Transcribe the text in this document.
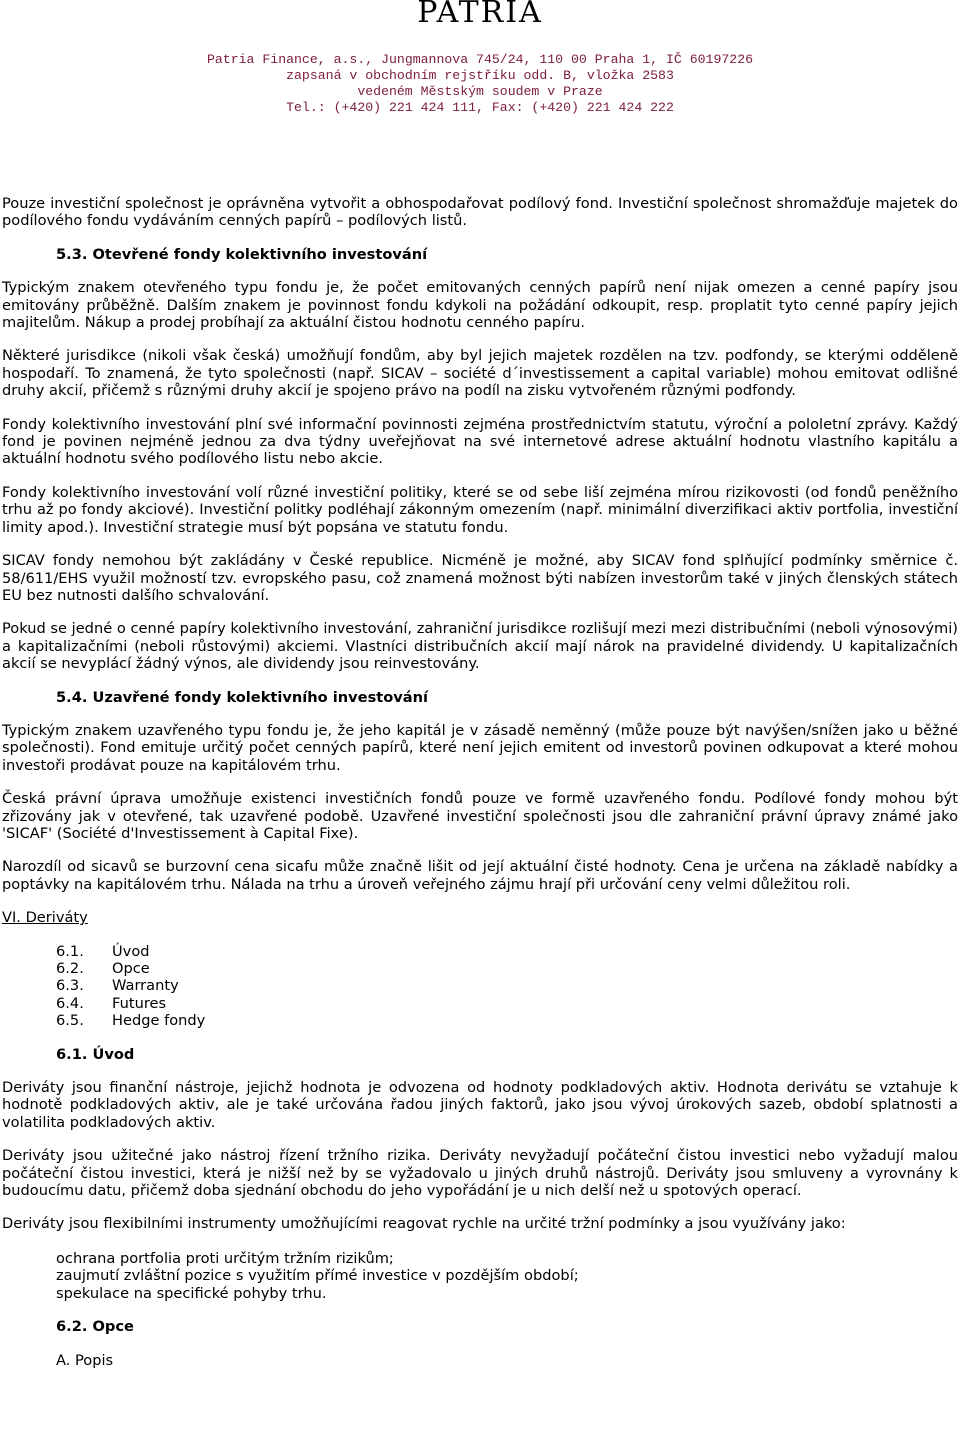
PATRIA
Patria Finance, a.s., Jungmannova 745/24, 110 00 Praha 1, IČ 60197226
zapsaná v obchodním rejstříku odd. B, vložka 2583
vedeném Městským soudem v Praze
Tel.: (+420) 221 424 111, Fax: (+420) 221 424 222

Pouze investiční společnost je oprávněna vytvořit a obhospodařovat podílový fond. Investiční společnost shromažďuje majetek do podílového fondu vydáváním cenných papírů – podílových listů.

5.3. Otevřené fondy kolektivního investování

Typickým znakem otevřeného typu fondu je, že počet emitovaných cenných papírů není nijak omezen a cenné papíry jsou emitovány průběžně. Dalším znakem je povinnost fondu kdykoli na požádání odkoupit, resp. proplatit tyto cenné papíry jejich majitelům. Nákup a prodej probíhají za aktuální čistou hodnotu cenného papíru.

Některé jurisdikce (nikoli však česká) umožňují fondům, aby byl jejich majetek rozdělen na tzv. podfondy, se kterými odděleně hospodaří. To znamená, že tyto společnosti (např. SICAV – société d´investissement a capital variable) mohou emitovat odlišné druhy akcií, přičemž s různými druhy akcií je spojeno právo na podíl na zisku vytvořeném různými podfondy.

Fondy kolektivního investování plní své informační povinnosti zejména prostřednictvím statutu, výroční a pololetní zprávy. Každý fond je povinen nejméně jednou za dva týdny uveřejňovat na své internetové adrese aktuální hodnotu vlastního kapitálu a aktuální hodnotu svého podílového listu nebo akcie.

Fondy kolektivního investování volí různé investiční politiky, které se od sebe liší zejména mírou rizikovosti (od fondů peněžního trhu až po fondy akciové). Investiční politky podléhají zákonným omezením (např. minimální diverzifikaci aktiv portfolia, investiční limity apod.). Investiční strategie musí být popsána ve statutu fondu.

SICAV fondy nemohou být zakládány v České republice. Nicméně je možné, aby SICAV fond splňující podmínky směrnice č. 58/611/EHS využil možností tzv. evropského pasu, což znamená možnost býti nabízen investorům také v jiných členských státech EU bez nutnosti dalšího schvalování.

Pokud se jedné o cenné papíry kolektivního investování, zahraniční jurisdikce rozlišují mezi mezi distribučními (neboli výnosovými) a kapitalizačními (neboli růstovými) akciemi. Vlastníci distribučních akcií mají nárok na pravidelné dividendy. U kapitalizačních akcií se nevyplácí žádný výnos, ale dividendy jsou reinvestovány.

5.4. Uzavřené fondy kolektivního investování

Typickým znakem uzavřeného typu fondu je, že jeho kapitál je v zásadě neměnný (může pouze být navýšen/snížen jako u běžné společnosti). Fond emituje určitý počet cenných papírů, které není jejich emitent od investorů povinen odkupovat a které mohou investoři prodávat pouze na kapitálovém trhu.

Česká právní úprava umožňuje existenci investičních fondů pouze ve formě uzavřeného fondu. Podílové fondy mohou být zřizovány jak v otevřené, tak uzavřené podobě. Uzavřené investiční společnosti jsou dle zahraniční právní úpravy známé jako 'SICAF' (Société d'Investissement à Capital Fixe).

Narozdíl od sicavů se burzovní cena sicafu může značně lišit od její aktuální čisté hodnoty. Cena je určena na základě nabídky a poptávky na kapitálovém trhu. Nálada na trhu a úroveň veřejného zájmu hrají při určování ceny velmi důležitou roli.

VI. Deriváty

6.1.	Úvod
6.2.	Opce
6.3.	Warranty
6.4.	Futures
6.5.	Hedge fondy

6.1. Úvod

Deriváty jsou finanční nástroje, jejichž hodnota je odvozena od hodnoty podkladových aktiv. Hodnota derivátu se vztahuje k hodnotě podkladových aktiv, ale je také určována řadou jiných faktorů, jako jsou vývoj úrokových sazeb, období splatnosti a volatilita podkladových aktiv.

Deriváty jsou užitečné jako nástroj řízení tržního rizika. Deriváty nevyžadují počáteční čistou investici nebo vyžadují malou počáteční čistou investici, která je nižší než by se vyžadovalo u jiných druhů nástrojů. Deriváty jsou smluveny a vyrovnány k budoucímu datu, přičemž doba sjednání obchodu do jeho vypořádání je u nich delší než u spotových operací.

Deriváty jsou flexibilními instrumenty umožňujícími reagovat rychle na určité tržní podmínky a jsou využívány jako:

ochrana portfolia proti určitým tržním rizikům;
zaujmutí zvláštní pozice s využitím přímé investice v pozdějším období;
spekulace na specifické pohyby trhu.

6.2. Opce

A. Popis
